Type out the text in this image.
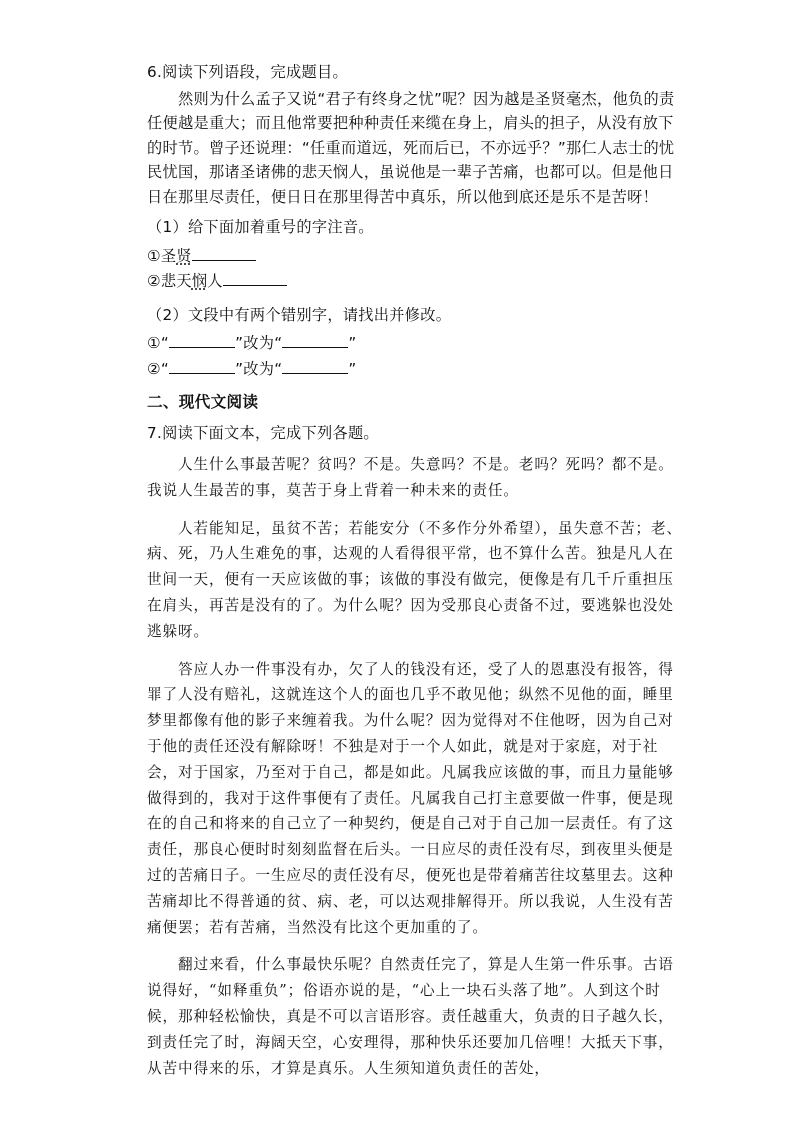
6.阅读下列语段，完成题目。

然则为什么孟子又说“君子有终身之忧”呢？因为越是圣贤毫杰，他负的责任便越是重大；而且他常要把种种责任来缆在身上，肩头的担子，从没有放下的时节。曾子还说理：“任重而道远，死而后已，不亦远乎？”那仁人志士的忧民忧国，那诸圣诸佛的悲天悯人，虽说他是一辈子苦痛，也都可以。但是他日日在那里尽责任，便日日在那里得苦中真乐，所以他到底还是乐不是苦呀！

（1）给下面加着重号的字注音。

① 圣 贤
② 悲天 悯 人

（2）文段中有两个错别字，请找出并修改。

① “	”改为“	”
② “	”改为“	”

二、现代文阅读

7.阅读下面文本，完成下列各题。

人生什么事最苦呢？贫吗？不是。失意吗？不是。老吗？死吗？都不是。我说人生最苦的事，莫苦于身上背着一种未来的责任。

人若能知足，虽贫不苦；若能安分（不多作分外希望），虽失意不苦；老、病、死，乃人生难免的事，达观的人看得很平常，也不算什么苦。独是凡人在世间一天，便有一天应该做的事；该做的事没有做完，便像是有几千斤重担压在肩头，再苦是没有的了。为什么呢？因为受那良心责备不过，要逃躲也没处逃躲呀。

答应人办一件事没有办，欠了人的钱没有还，受了人的恩惠没有报答，得罪了人没有赔礼，这就连这个人的面也几乎不敢见他；纵然不见他的面，睡里梦里都像有他的影子来缠着我。为什么呢？因为觉得对不住他呀，因为自己对于他的责任还没有解除呀！不独是对于一个人如此，就是对于家庭，对于社会，对于国家，乃至对于自己，都是如此。凡属我应该做的事，而且力量能够做得到的，我对于这件事便有了责任。凡属我自己打主意要做一件事，便是现在的自己和将来的自己立了一种契约，便是自己对于自己加一层责任。有了这责任，那良心便时时刻刻监督在后头。一日应尽的责任没有尽，到夜里头便是过的苦痛日子。一生应尽的责任没有尽，便死也是带着痛苦往坟墓里去。这种苦痛却比不得普通的贫、病、老，可以达观排解得开。所以我说，人生没有苦痛便罢；若有苦痛，当然没有比这个更加重的了。

翻过来看，什么事最快乐呢？自然责任完了，算是人生第一件乐事。古语说得好，“如释重负”；俗语亦说的是，“心上一块石头落了地”。人到这个时候，那种轻松愉快，真是不可以言语形容。责任越重大，负责的日子越久长，到责任完了时，海阔天空，心安理得，那种快乐还要加几倍哩！大抵天下事，从苦中得来的乐，才算是真乐。人生须知道负责任的苦处，
